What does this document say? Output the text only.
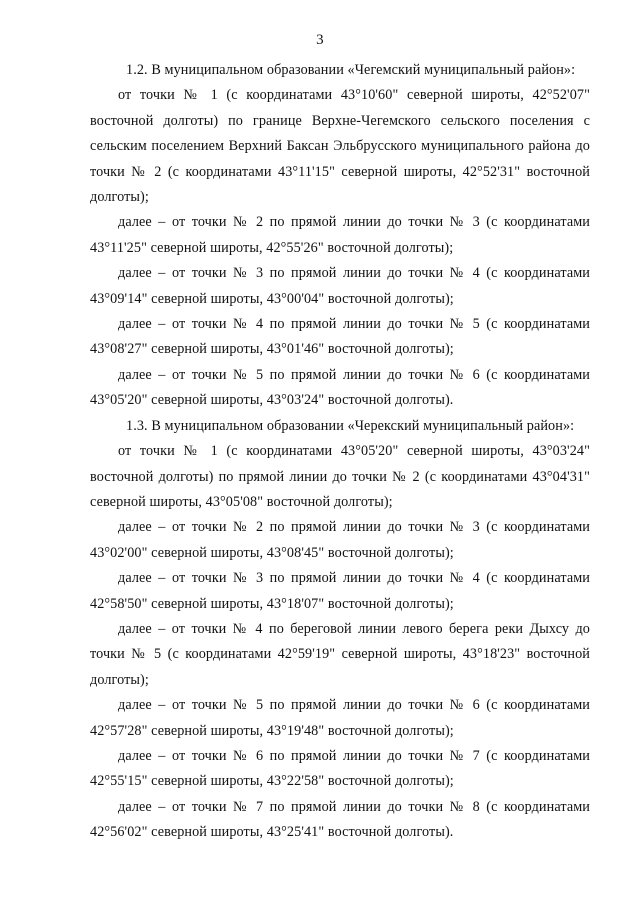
3

1.2. В муниципальном образовании «Чегемский муниципальный район»:

от точки № 1 (с координатами 43°10'60" северной широты, 42°52'07" восточной долготы) по границе Верхне-Чегемского сельского поселения с сельским поселением Верхний Баксан Эльбрусского муниципального района до точки № 2 (с координатами 43°11'15" северной широты, 42°52'31" восточной долготы);

далее – от точки № 2 по прямой линии до точки № 3 (с координатами 43°11'25" северной широты, 42°55'26" восточной долготы);

далее – от точки № 3 по прямой линии до точки № 4 (с координатами 43°09'14" северной широты, 43°00'04" восточной долготы);

далее – от точки № 4 по прямой линии до точки № 5 (с координатами 43°08'27" северной широты, 43°01'46" восточной долготы);

далее – от точки № 5 по прямой линии до точки № 6 (с координатами 43°05'20" северной широты, 43°03'24" восточной долготы).

1.3. В муниципальном образовании «Черекский муниципальный район»:

от точки № 1 (с координатами 43°05'20" северной широты, 43°03'24" восточной долготы) по прямой линии до точки № 2 (с координатами 43°04'31" северной широты, 43°05'08" восточной долготы);

далее – от точки № 2 по прямой линии до точки № 3 (с координатами 43°02'00" северной широты, 43°08'45" восточной долготы);

далее – от точки № 3 по прямой линии до точки № 4 (с координатами 42°58'50" северной широты, 43°18'07" восточной долготы);

далее – от точки № 4 по береговой линии левого берега реки Дыхсу до точки № 5 (с координатами 42°59'19" северной широты, 43°18'23" восточной долготы);

далее – от точки № 5 по прямой линии до точки № 6 (с координатами 42°57'28" северной широты, 43°19'48" восточной долготы);

далее – от точки № 6 по прямой линии до точки № 7 (с координатами 42°55'15" северной широты, 43°22'58" восточной долготы);

далее – от точки № 7 по прямой линии до точки № 8 (с координатами 42°56'02" северной широты, 43°25'41" восточной долготы).
